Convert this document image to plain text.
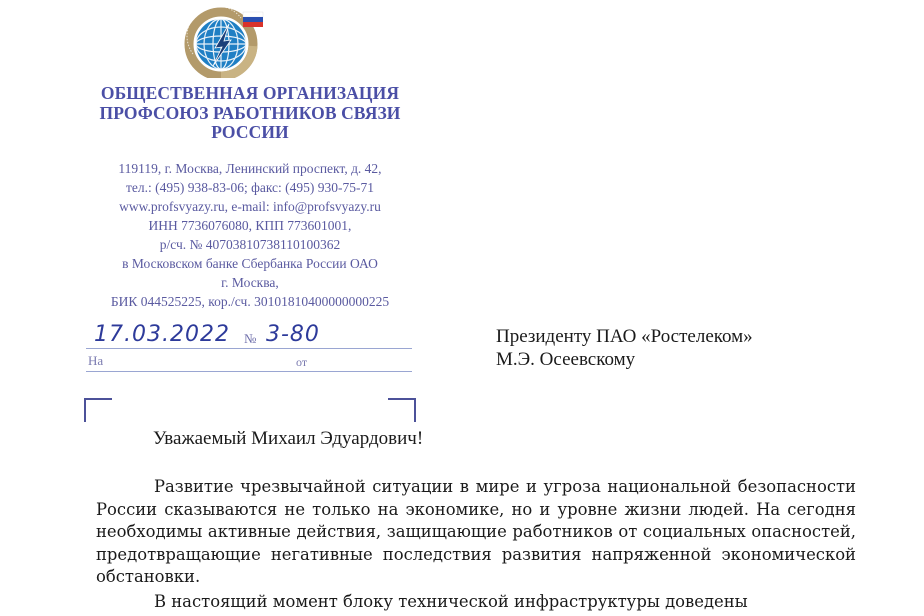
ОБЩЕСТВЕННАЯ ОРГАНИЗАЦИЯ
ПРОФСОЮЗ РАБОТНИКОВ СВЯЗИ
РОССИИ
119119, г. Москва, Ленинский проспект, д. 42,
тел.: (495) 938-83-06; факс: (495) 930-75-71
www.profsvyazy.ru, e-mail: info@profsvyazy.ru
ИНН 7736076080, КПП 773601001,
р/сч. № 40703810738110100362
в Московском банке Сбербанка России ОАО
г. Москва,
БИК 044525225, кор./сч. 30101810400000000225
17.03.2022 № 3-80
На	от
Президенту ПАО «Ростелеком»
М.Э. Осеевскому
Уважаемый Михаил Эдуардович!

Развитие чрезвычайной ситуации в мире и угроза национальной безопасности России сказываются не только на экономике, но и уровне жизни людей. На сегодня необходимы активные действия, защищающие работников от социальных опасностей, предотвращающие негативные последствия развития напряженной экономической обстановки.

В настоящий момент блоку технической инфраструктуры доведены
